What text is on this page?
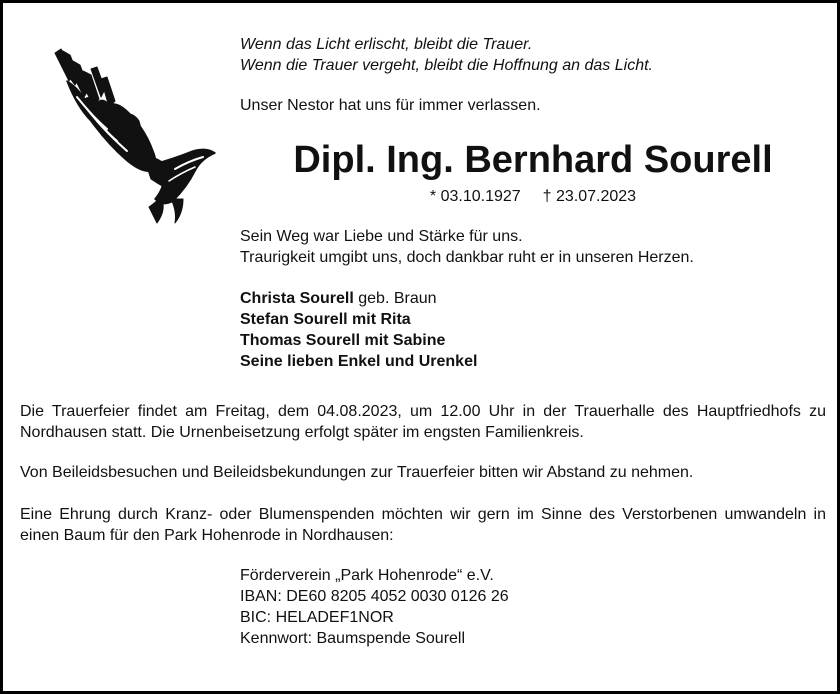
Wenn das Licht erlischt, bleibt die Trauer.
Wenn die Trauer vergeht, bleibt die Hoffnung an das Licht.
Unser Nestor hat uns für immer verlassen.
Dipl. Ing. Bernhard Sourell
* 03.10.1927 † 23.07.2023
Sein Weg war Liebe und Stärke für uns.
Traurigkeit umgibt uns, doch dankbar ruht er in unseren Herzen.
Christa Sourell geb. Braun
Stefan Sourell mit Rita
Thomas Sourell mit Sabine
Seine lieben Enkel und Urenkel
Die Trauerfeier findet am Freitag, dem 04.08.2023, um 12.00 Uhr in der Trauerhalle des Hauptfriedhofs zu Nordhausen statt. Die Urnenbeisetzung erfolgt später im engsten Familienkreis.
Von Beileidsbesuchen und Beileidsbekundungen zur Trauerfeier bitten wir Abstand zu nehmen.
Eine Ehrung durch Kranz- oder Blumenspenden möchten wir gern im Sinne des Verstorbenen umwandeln in einen Baum für den Park Hohenrode in Nordhausen:
Förderverein „Park Hohenrode“ e.V.
IBAN: DE60 8205 4052 0030 0126 26
BIC: HELADEF1NOR
Kennwort: Baumspende Sourell
